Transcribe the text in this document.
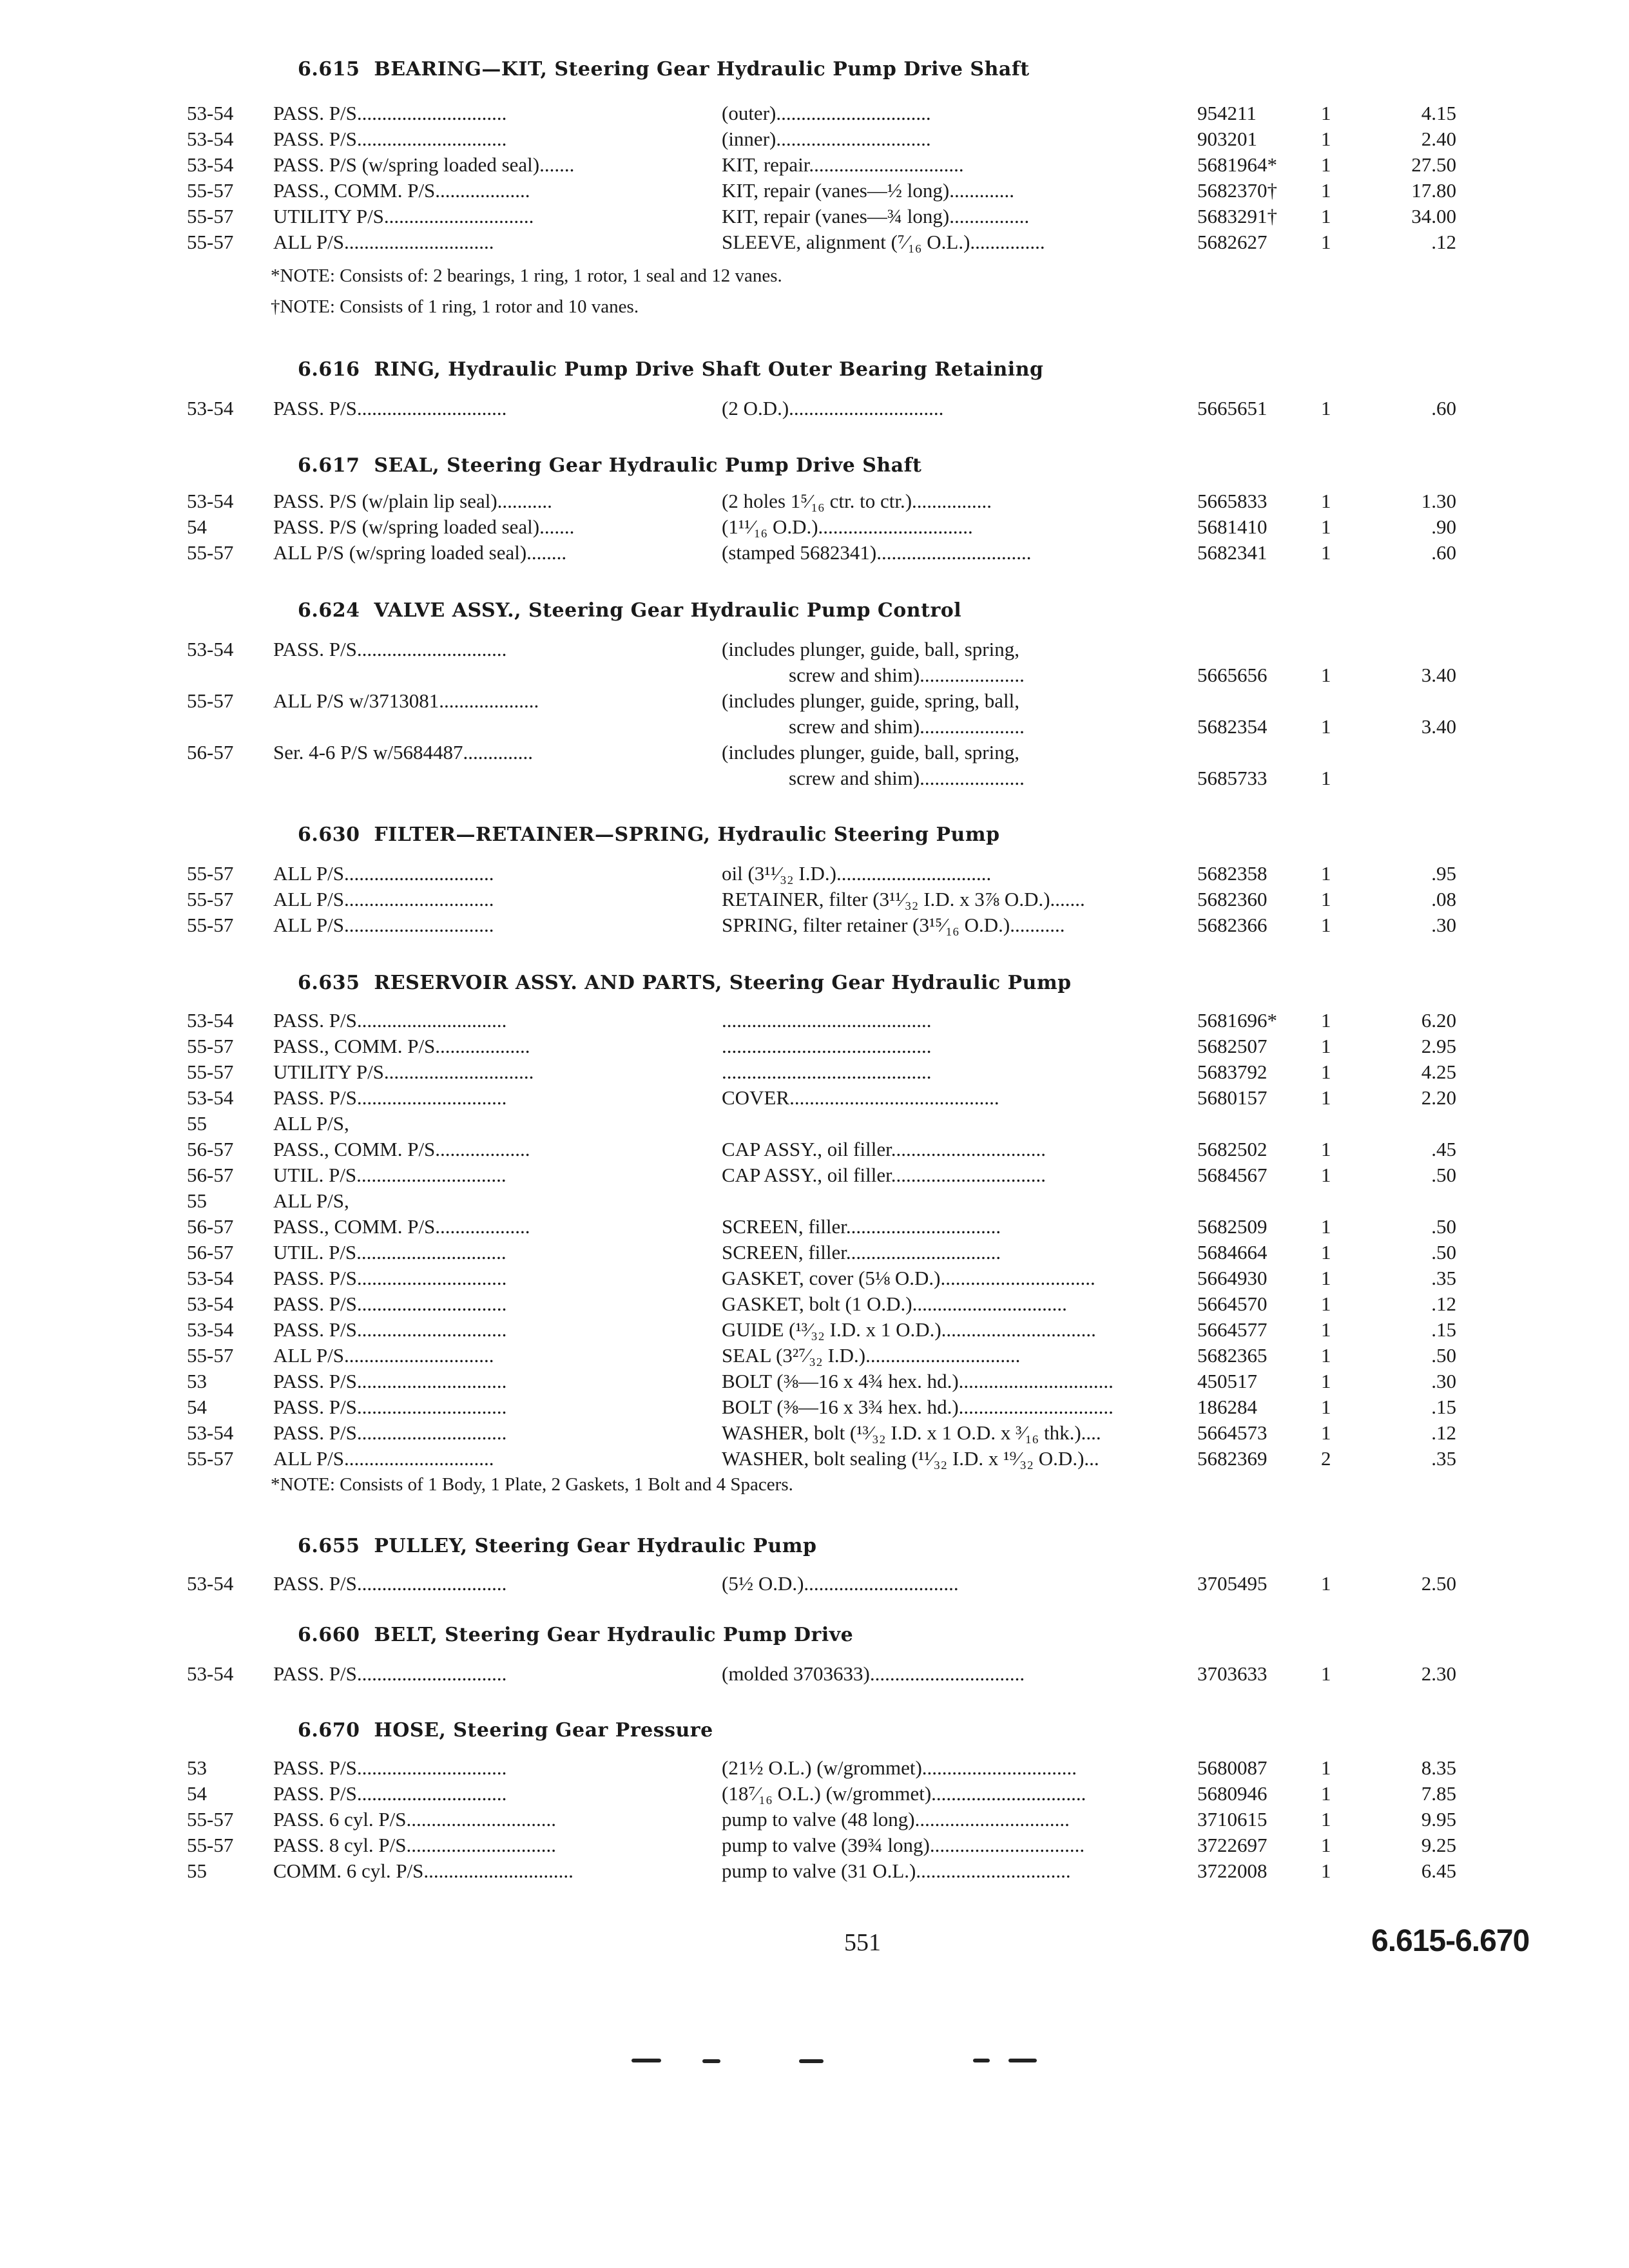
6.615 BEARING—KIT, Steering Gear Hydraulic Pump Drive Shaft
53-54 PASS. P/S..............................	(outer)...............................	954211	1	4.15
53-54 PASS. P/S..............................	(inner)...............................	903201	1	2.40
53-54 PASS. P/S (w/spring loaded seal).......	KIT, repair...............................	5681964* 1	27.50
55-57 PASS., COMM. P/S...................	KIT, repair (vanes—½ long).............	5682370† 1	17.80
55-57 UTILITY P/S..............................	KIT, repair (vanes—¾ long)................	5683291† 1	34.00
55-57 ALL P/S..............................	SLEEVE, alignment (⁷⁄₁₆ O.L.)...............	5682627	1	.12
*NOTE: Consists of: 2 bearings, 1 ring, 1 rotor, 1 seal and 12 vanes.
†NOTE: Consists of 1 ring, 1 rotor and 10 vanes.
6.616 RING, Hydraulic Pump Drive Shaft Outer Bearing Retaining
53-54 PASS. P/S..............................	(2 O.D.)...............................	5665651	1	.60
6.617 SEAL, Steering Gear Hydraulic Pump Drive Shaft
53-54 PASS. P/S (w/plain lip seal)...........	(2 holes 1⁵⁄₁₆ ctr. to ctr.)................	5665833	1	1.30
54	PASS. P/S (w/spring loaded seal).......	(1¹¹⁄₁₆ O.D.)...............................	5681410	1	.90
55-57 ALL P/S (w/spring loaded seal)........	(stamped 5682341)...............................	5682341	1	.60
6.624 VALVE ASSY., Steering Gear Hydraulic Pump Control
53-54 PASS. P/S..............................	(includes plunger, guide, ball, spring,
screw and shim).....................	5665656	1	3.40
55-57 ALL P/S w/3713081....................	(includes plunger, guide, spring, ball,
screw and shim).....................	5682354	1	3.40
56-57 Ser. 4-6 P/S w/5684487..............	(includes plunger, guide, ball, spring,
screw and shim).....................	5685733	1
6.630 FILTER—RETAINER—SPRING, Hydraulic Steering Pump
55-57 ALL P/S..............................	oil (3¹¹⁄₃₂ I.D.)...............................	5682358	1	.95
55-57 ALL P/S..............................	RETAINER, filter (3¹¹⁄₃₂ I.D. x 3⅞ O.D.).......	5682360	1	.08
55-57 ALL P/S..............................	SPRING, filter retainer (3¹⁵⁄₁₆ O.D.)...........	5682366	1	.30
6.635 RESERVOIR ASSY. AND PARTS, Steering Gear Hydraulic Pump
53-54 PASS. P/S..............................	..........................................	5681696* 1	6.20
55-57 PASS., COMM. P/S...................	..........................................	5682507	1	2.95
55-57 UTILITY P/S..............................	..........................................	5683792	1	4.25
53-54 PASS. P/S..............................	COVER..........................................	5680157	1	2.20
55	ALL P/S,
56-57 PASS., COMM. P/S...................	CAP ASSY., oil filler...............................	5682502	1	.45
56-57 UTIL. P/S..............................	CAP ASSY., oil filler...............................	5684567	1	.50
55	ALL P/S,
56-57 PASS., COMM. P/S...................	SCREEN, filler...............................	5682509	1	.50
56-57 UTIL. P/S..............................	SCREEN, filler...............................	5684664	1	.50
53-54 PASS. P/S..............................	GASKET, cover (5⅛ O.D.)...............................	5664930	1	.35
53-54 PASS. P/S..............................	GASKET, bolt (1 O.D.)...............................	5664570	1	.12
53-54 PASS. P/S..............................	GUIDE (¹³⁄₃₂ I.D. x 1 O.D.)...............................	5664577	1	.15
55-57 ALL P/S..............................	SEAL (3²⁷⁄₃₂ I.D.)...............................	5682365	1	.50
53	PASS. P/S..............................	BOLT (⅜—16 x 4¾ hex. hd.)...............................	450517	1	.30
54	PASS. P/S..............................	BOLT (⅜—16 x 3¾ hex. hd.)...............................	186284	1	.15
53-54 PASS. P/S..............................	WASHER, bolt (¹³⁄₃₂ I.D. x 1 O.D. x ³⁄₁₆ thk.)....	5664573	1	.12
55-57 ALL P/S..............................	WASHER, bolt sealing (¹¹⁄₃₂ I.D. x ¹⁹⁄₃₂ O.D.)...	5682369	2	.35
*NOTE: Consists of 1 Body, 1 Plate, 2 Gaskets, 1 Bolt and 4 Spacers.
6.655 PULLEY, Steering Gear Hydraulic Pump
53-54 PASS. P/S..............................	(5½ O.D.)...............................	3705495	1	2.50
6.660 BELT, Steering Gear Hydraulic Pump Drive
53-54 PASS. P/S..............................	(molded 3703633)...............................	3703633	1	2.30
6.670 HOSE, Steering Gear Pressure
53	PASS. P/S..............................	(21½ O.L.) (w/grommet)...............................	5680087	1	8.35
54	PASS. P/S..............................	(18⁷⁄₁₆ O.L.) (w/grommet)...............................	5680946	1	7.85
55-57 PASS. 6 cyl. P/S..............................	pump to valve (48 long)...............................	3710615	1	9.95
55-57 PASS. 8 cyl. P/S..............................	pump to valve (39¾ long)...............................	3722697	1	9.25
55	COMM. 6 cyl. P/S..............................	pump to valve (31 O.L.)...............................	3722008	1	6.45
551	6.615-6.670
